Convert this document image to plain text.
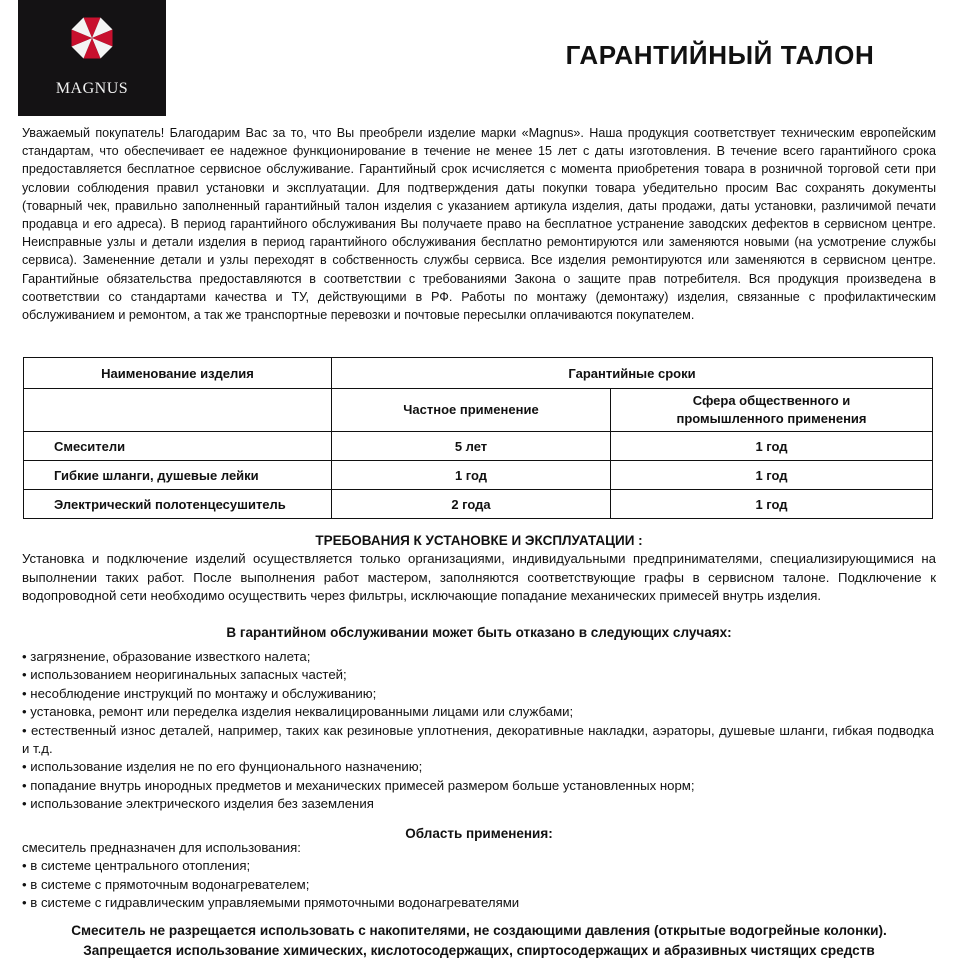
MAGNUS
ГАРАНТИЙНЫЙ ТАЛОН

Уважаемый покупатель! Благодарим Вас за то, что Вы преобрели изделие марки «Magnus». Наша продукция соответствует техническим европейским стандартам, что обеспечивает ее надежное функционирование в течение не менее 15 лет с даты изготовления. В течение всего гарантийного срока предоставляется бесплатное сервисное обслуживание. Гарантийный срок исчисляется с момента приобретения товара в розничной торговой сети при условии соблюдения правил установки и эксплуатации. Для подтверждения даты покупки товара убедительно просим Вас сохранять документы (товарный чек, правильно заполненный гарантийный талон изделия с указанием артикула изделия, даты продажи, даты установки, различимой печати продавца и его адреса). В период гарантийного обслуживания Вы получаете право на бесплатное устранение заводских дефектов в сервисном центре. Неисправные узлы и детали изделия в период гарантийного обслуживания бесплатно ремонтируются или заменяются новыми (на усмотрение службы сервиса). Замененние детали и узлы переходят в собственность службы сервиса. Все изделия ремонтируются или заменяются в сервисном центре. Гарантийные обязательства предоставляются в соответствии с требованиями Закона о защите прав потребителя. Вся продукция произведена в соответствии со стандартами качества и ТУ, действующими в РФ. Работы по монтажу (демонтажу) изделия, связанные с профилактическим обслуживанием и ремонтом, а так же транспортные перевозки и почтовые пересылки оплачиваются покупателем.

Наименование изделия	Гарантийные сроки	
	Частное применение	Сфера общественного и
промышленного применения
Смесители	5 лет	1 год
Гибкие шланги, душевые лейки	1 год	1 год
Электрический полотенцесушитель	2 года	1 год
ТРЕБОВАНИЯ К УСТАНОВКЕ И ЭКСПЛУАТАЦИИ :

Установка и подключение изделий осуществляется только организациями, индивидуальными предпринимателями, специализирующимися на выполнении таких работ. После выполнения работ мастером, заполняются соответствующие графы в сервисном талоне. Подключение к водопроводной сети необходимо осуществить через фильтры, исключающие попадание механических примесей внутрь изделия.

В гарантийном обслуживании может быть отказано в следующих случаях:
• загрязнение, образование известкого налета;
• использованием неоригинальных запасных частей;
• несоблюдение инструкций по монтажу и обслуживанию;
• установка, ремонт или переделка изделия неквалицированными лицами или службами;
• естественный износ деталей, например, таких как резиновые уплотнения, декоративные накладки, аэраторы, душевые шланги, гибкая подводка и т.д.
• использование изделия не по его фунционального назначению;
• попадание внутрь инородных предметов и механических примесей размером больше установленных норм;
• использование электрического изделия без заземления
Область применения:
смеситель предназначен для использования:
• в системе центрального отопления;
• в системе с прямоточным водонагревателем;
• в системе с гидравлическим управляемыми прямоточными водонагревателями
Смеситель не разрещается использовать с накопителями, не создающими давления (открытые водогрейные колонки).
Запрещается использование химических, кислотосодержащих, спиртосодержащих и абразивных чистящих средств
